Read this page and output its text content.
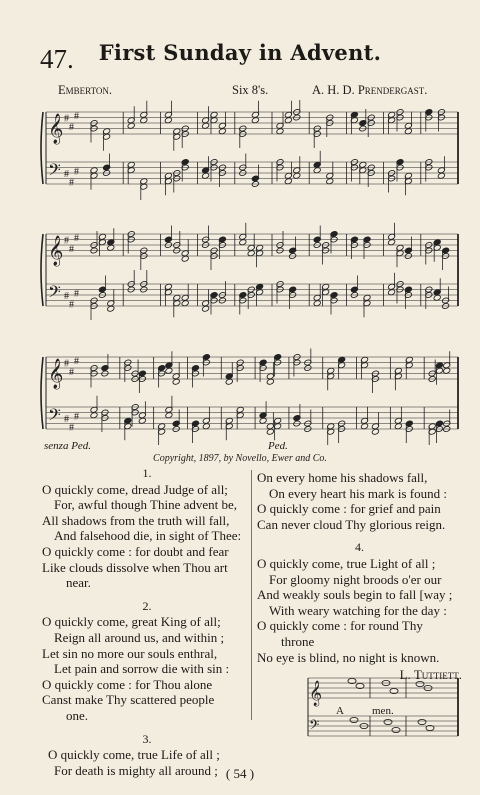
47.	First Sunday in Advent.
Emberton.	Six 8's.	A. H. D. Prendergast.
𝄞
𝄢
#
#
#
#
#
#
𝄞
𝄢
#
#
#
#
#
#
𝄞
𝄢
#
#
#
#
#
#
senza Ped.	Ped.
Copyright, 1897, by Novello, Ewer and Co.
1.
O quickly come, dread Judge of all;
For, awful though Thine advent be,
All shadows from the truth will fall,
And falsehood die, in sight of Thee:
O quickly come : for doubt and fear
Like clouds dissolve when Thou art
near.
2.
O quickly come, great King of all;
Reign all around us, and within ;
Let sin no more our souls enthral,
Let pain and sorrow die with sin :
O quickly come : for Thou alone
Canst make Thy scattered people
one.
3.
O quickly come, true Life of all ;
For death is mighty all around ;
On every home his shadows fall,
On every heart his mark is found :
O quickly come : for grief and pain
Can never cloud Thy glorious reign.
4.
O quickly come, true Light of all ;
For gloomy night broods o'er our
And weakly souls begin to fall [way ;
With weary watching for the day :
O quickly come : for round Thy
throne
No eye is blind, no night is known.
L. Tuttiett.
𝄞
𝄢
A	men.
( 54 )
